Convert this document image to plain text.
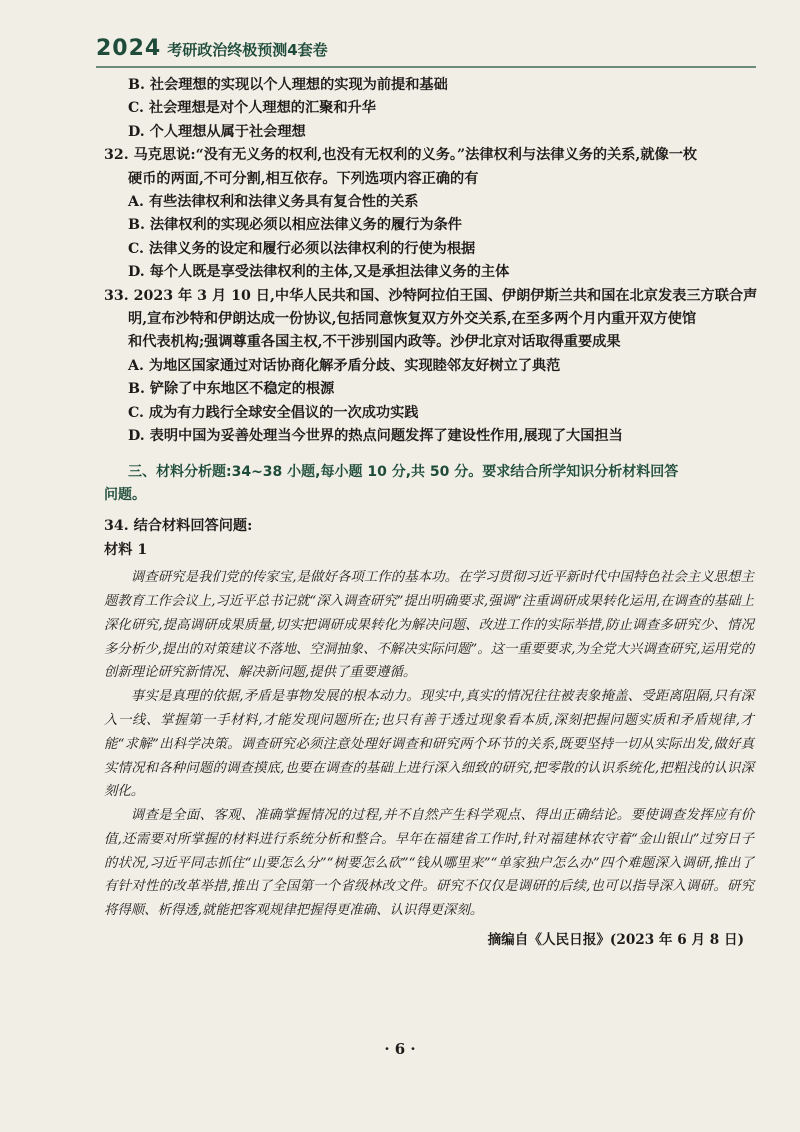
2024 考研政治终极预测4套卷
B. 社会理想的实现以个人理想的实现为前提和基础
C. 社会理想是对个人理想的汇聚和升华
D. 个人理想从属于社会理想
32. 马克思说:“没有无义务的权利,也没有无权利的义务。”法律权利与法律义务的关系,就像一枚
硬币的两面,不可分割,相互依存。下列选项内容正确的有
A. 有些法律权利和法律义务具有复合性的关系
B. 法律权利的实现必须以相应法律义务的履行为条件
C. 法律义务的设定和履行必须以法律权利的行使为根据
D. 每个人既是享受法律权利的主体,又是承担法律义务的主体
33. 2023 年 3 月 10 日,中华人民共和国、沙特阿拉伯王国、伊朗伊斯兰共和国在北京发表三方联合声
明,宣布沙特和伊朗达成一份协议,包括同意恢复双方外交关系,在至多两个月内重开双方使馆
和代表机构;强调尊重各国主权,不干涉别国内政等。沙伊北京对话取得重要成果
A. 为地区国家通过对话协商化解矛盾分歧、实现睦邻友好树立了典范
B. 铲除了中东地区不稳定的根源
C. 成为有力践行全球安全倡议的一次成功实践
D. 表明中国为妥善处理当今世界的热点问题发挥了建设性作用,展现了大国担当
三、材料分析题:34~38 小题,每小题 10 分,共 50 分。要求结合所学知识分析材料回答
问题。
34. 结合材料回答问题:
材料 1

调查研究是我们党的传家宝,是做好各项工作的基本功。在学习贯彻习近平新时代中国特色社会主义思想主题教育工作会议上,习近平总书记就“深入调查研究”提出明确要求,强调“注重调研成果转化运用,在调查的基础上深化研究,提高调研成果质量,切实把调研成果转化为解决问题、改进工作的实际举措,防止调查多研究少、情况多分析少,提出的对策建议不落地、空洞抽象、不解决实际问题”。这一重要要求,为全党大兴调查研究,运用党的创新理论研究新情况、解决新问题,提供了重要遵循。

事实是真理的依据,矛盾是事物发展的根本动力。现实中,真实的情况往往被表象掩盖、受距离阻隔,只有深入一线、掌握第一手材料,才能发现问题所在;也只有善于透过现象看本质,深刻把握问题实质和矛盾规律,才能“求解”出科学决策。调查研究必须注意处理好调查和研究两个环节的关系,既要坚持一切从实际出发,做好真实情况和各种问题的调查摸底,也要在调查的基础上进行深入细致的研究,把零散的认识系统化,把粗浅的认识深刻化。

调查是全面、客观、准确掌握情况的过程,并不自然产生科学观点、得出正确结论。要使调查发挥应有价值,还需要对所掌握的材料进行系统分析和整合。早年在福建省工作时,针对福建林农守着“金山银山”过穷日子的状况,习近平同志抓住“山要怎么分”“树要怎么砍”“钱从哪里来”“单家独户怎么办”四个难题深入调研,推出了有针对性的改革举措,推出了全国第一个省级林改文件。研究不仅仅是调研的后续,也可以指导深入调研。研究将得顺、析得透,就能把客观规律把握得更准确、认识得更深刻。

摘编自《人民日报》(2023 年 6 月 8 日)
· 6 ·
